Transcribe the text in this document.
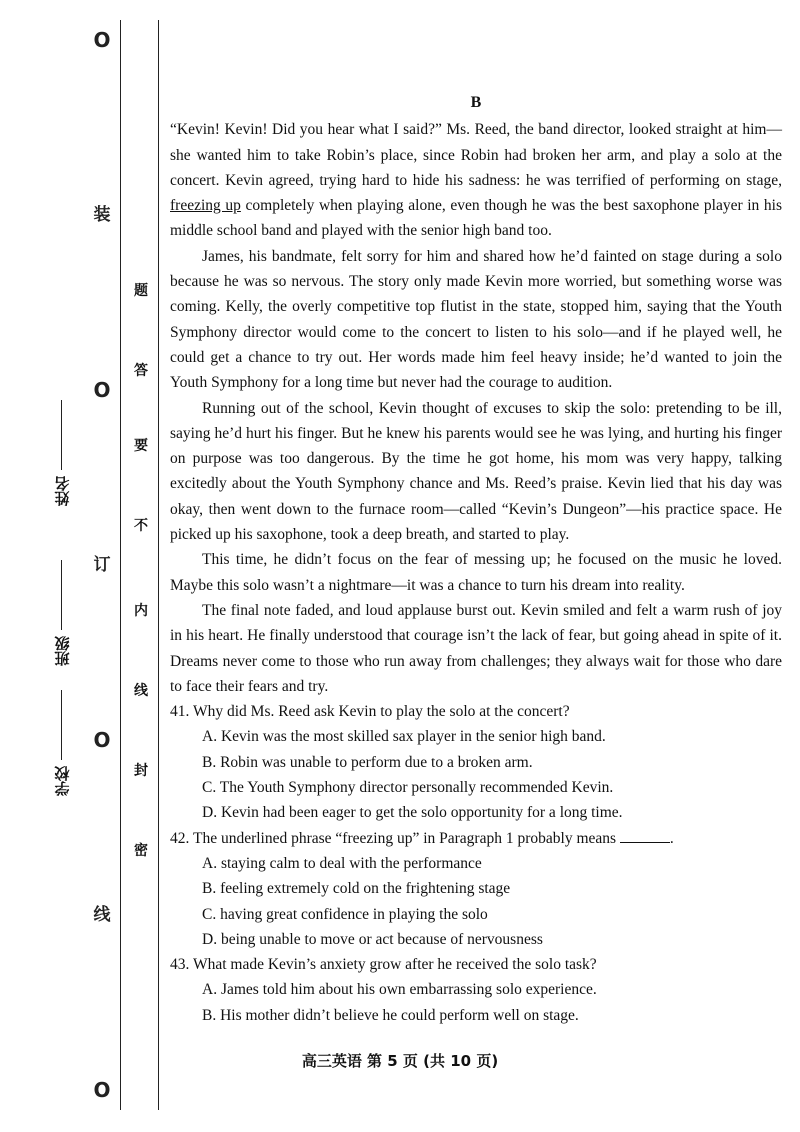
学校
班级
姓名
O
装
O
订
O
线
O
题
答
要
不
内
线
封
密

B

“Kevin! Kevin! Did you hear what I said?” Ms. Reed, the band director, looked straight at him—she wanted him to take Robin’s place, since Robin had broken her arm, and play a solo at the concert. Kevin agreed, trying hard to hide his sadness: he was terrified of performing on stage, freezing up completely when playing alone, even though he was the best saxophone player in his middle school band and played with the senior high band too.

James, his bandmate, felt sorry for him and shared how he’d fainted on stage during a solo because he was so nervous. The story only made Kevin more worried, but something worse was coming. Kelly, the overly competitive top flutist in the state, stopped him, saying that the Youth Symphony director would come to the concert to listen to his solo—and if he played well, he could get a chance to try out. Her words made him feel heavy inside; he’d wanted to join the Youth Symphony for a long time but never had the courage to audition.

Running out of the school, Kevin thought of excuses to skip the solo: pretending to be ill, saying he’d hurt his finger. But he knew his parents would see he was lying, and hurting his finger on purpose was too dangerous. By the time he got home, his mom was very happy, talking excitedly about the Youth Symphony chance and Ms. Reed’s praise. Kevin lied that his day was okay, then went down to the furnace room—called “Kevin’s Dungeon”—his practice space. He picked up his saxophone, took a deep breath, and started to play.

This time, he didn’t focus on the fear of messing up; he focused on the music he loved. Maybe this solo wasn’t a nightmare—it was a chance to turn his dream into reality.

The final note faded, and loud applause burst out. Kevin smiled and felt a warm rush of joy in his heart. He finally understood that courage isn’t the lack of fear, but going ahead in spite of it. Dreams never come to those who run away from challenges; they always wait for those who dare to face their fears and try.

41. Why did Ms. Reed ask Kevin to play the solo at the concert?

A. Kevin was the most skilled sax player in the senior high band.

B. Robin was unable to perform due to a broken arm.

C. The Youth Symphony director personally recommended Kevin.

D. Kevin had been eager to get the solo opportunity for a long time.

42. The underlined phrase “freezing up” in Paragraph 1 probably means	.

A. staying calm to deal with the performance

B. feeling extremely cold on the frightening stage

C. having great confidence in playing the solo

D. being unable to move or act because of nervousness

43. What made Kevin’s anxiety grow after he received the solo task?

A. James told him about his own embarrassing solo experience.

B. His mother didn’t believe he could perform well on stage.

高三英语 第 5 页 (共 10 页)
